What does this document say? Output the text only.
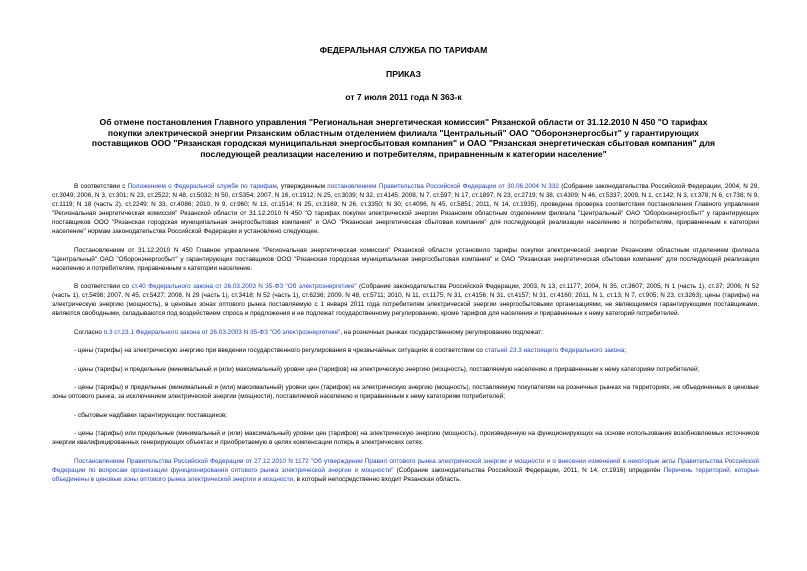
ФЕДЕРАЛЬНАЯ СЛУЖБА ПО ТАРИФАМ
ПРИКАЗ
от 7 июля 2011 года N 363-к
Об отмене постановления Главного управления "Региональная энергетическая комиссия" Рязанской области от 31.12.2010 N 450 "О тарифах покупки электрической энергии Рязанским областным отделением филиала "Центральный" ОАО "Оборонэнергосбыт" у гарантирующих поставщиков ООО "Рязанская городская муниципальная энергосбытовая компания" и ОАО "Рязанская энергетическая сбытовая компания" для последующей реализации населению и потребителям, приравненным к категории население"

В соответствии с Положением о Федеральной службе по тарифам, утвержденным постановлением Правительства Российской Федерации от 30.06.2004 N 332 (Собрание законодательства Российской Федерации, 2004, N 29, ст.3049; 2006, N 3, ст.301; N 23, ст.2522; N 48, ст.5032; N 50, ст.5354; 2007, N 16, ст.1912; N 25, ст.3039; N 32, ст.4145; 2008, N 7, ст.597; N 17, ст.1897; N 23, ст.2719; N 38, ст.4309; N 46, ст.5337; 2009, N 1, ст.142; N 3, ст.378; N 6, ст.738; N 9, ст.1119; N 18 (часть 2), ст.2249; N 33, ст.4086; 2010, N 9, ст.960; N 13, ст.1514; N 25, ст.3169; N 26, ст.3350; N 30, ст.4096, N 45, ст.5851; 2011, N 14, ст.1935), проведена проверка соответствия постановления Главного управления "Региональная энергетическая комиссия" Рязанской области от 31.12.2010 N 450 "О тарифах покупки электрической энергии Рязанским областным отделением филиала "Центральный" ОАО "Оборонэнергосбыт" у гарантирующих поставщиков ООО "Рязанская городская муниципальная энергосбытовая компания" и ОАО "Рязанская энергетическая сбытовая компания" для последующей реализации населению и потребителям, приравненным к категории население" нормам законодательства Российской Федерации и установлено следующее.

Постановлением от 31.12.2010 N 450 Главное управление "Региональная энергетическая комиссия" Рязанской области установило тарифы покупки электрической энергии Рязанским областным отделением филиала "Центральный" ОАО "Оборонэнергосбыт" у гарантирующих поставщиков ООО "Рязанская городская муниципальная энергосбытовая компания" и ОАО "Рязанская энергетическая сбытовая компания" для последующей реализации населению и потребителям, приравненным к категории население.

В соответствии со ст.40 Федерального закона от 26.03.2003 N 35-ФЗ "Об электроэнергетике" (Собрание законодательства Российской Федерации, 2003, N 13, ст.1177; 2004, N 35, ст.3607; 2005, N 1 (часть 1), ст.37; 2006, N 52 (часть 1), ст.5498; 2007, N 45, ст.5427; 2008, N 29 (часть 1), ст.3418; N 52 (часть 1), ст.6236; 2009, N 48, ст.5711; 2010, N 11, ст.1175; N 31, ст.4156; N 31, ст.4157; N 31, ст.4160; 2011, N 1, ст.13; N 7, ст.905; N 23, ст.3263), цены (тарифы) на электрическую энергию (мощность), в ценовых зонах оптового рынка поставляемую с 1 января 2011 года потребителям электрической энергии энергосбытовыми организациями, не являющимися гарантирующими поставщиками, являются свободными, складываются под воздействием спроса и предложения и не подлежат государственному регулированию, кроме тарифов для населения и приравненных к нему категорий потребителей.

Согласно п.3 ст.23.1 Федерального закона от 26.03.2003 N 35-ФЗ "Об электроэнергетике", на розничных рынках государственному регулированию подлежат:

- цены (тарифы) на электрическую энергию при введении государственного регулирования в чрезвычайных ситуациях в соответствии со статьей 23.3 настоящего Федерального закона;

- цены (тарифы) и предельные (минимальный и (или) максимальный) уровни цен (тарифов) на электрическую энергию (мощность), поставляемую населению и приравненным к нему категориям потребителей;

- цены (тарифы) и предельные (минимальный и (или) максимальный) уровни цен (тарифов) на электрическую энергию (мощность), поставляемую покупателям на розничных рынках на территориях, не объединенных в ценовые зоны оптового рынка, за исключением электрической энергии (мощности), поставляемой населению и приравненным к нему категориям потребителей;

- сбытовые надбавки гарантирующих поставщиков;

- цены (тарифы) или предельные (минимальный и (или) максимальный) уровни цен (тарифов) на электрическую энергию (мощность), произведенную на функционирующих на основе использования возобновляемых источников энергии квалифицированных генерирующих объектах и приобретаемую в целях компенсации потерь в электрических сетях.

Постановлением Правительства Российской Федерации от 27.12.2010 N 1172 "Об утверждении Правил оптового рынка электрической энергии и мощности и о внесении изменений в некоторые акты Правительства Российской Федерации по вопросам организации функционирования оптового рынка электрической энергии и мощности" (Собрание законодательства Российской Федерации, 2011, N 14, ст.1916) определён Перечень территорий, которые объединены в ценовые зоны оптового рынка электрической энергии и мощности, в который непосредственно входит Рязанская область.
